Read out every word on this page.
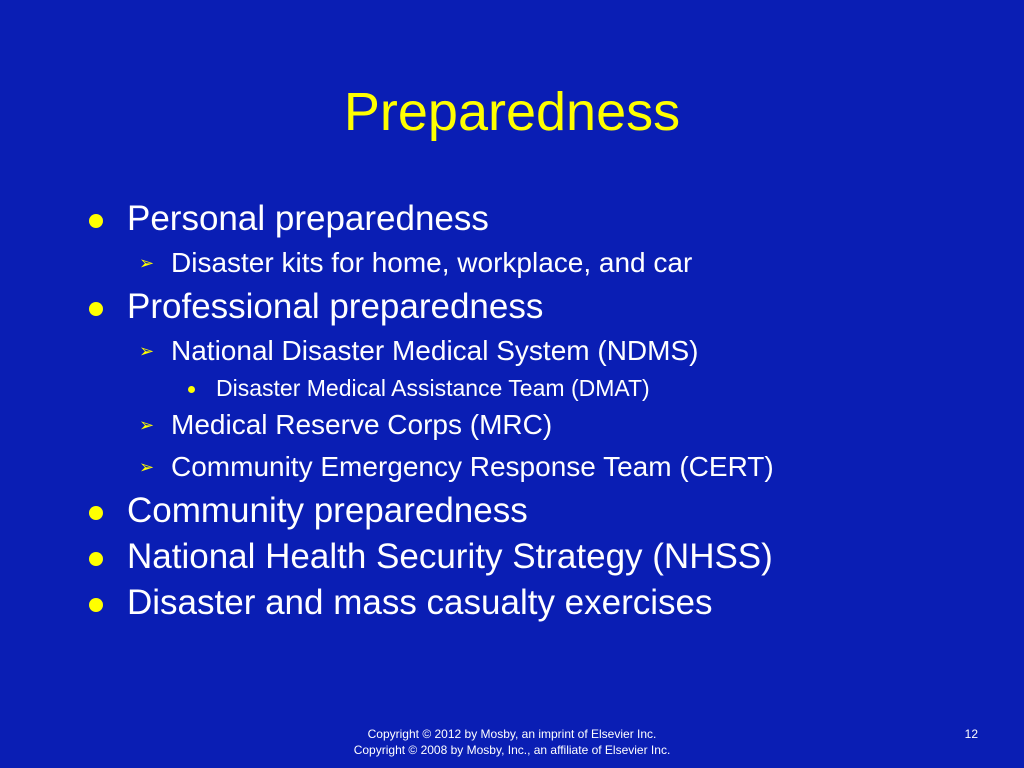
Preparedness
Personal preparedness
➢ Disaster kits for home, workplace, and car
Professional preparedness
➢ National Disaster Medical System (NDMS)
Disaster Medical Assistance Team (DMAT)
➢ Medical Reserve Corps (MRC)
➢ Community Emergency Response Team (CERT)
Community preparedness
National Health Security Strategy (NHSS)
Disaster and mass casualty exercises
Copyright © 2012 by Mosby, an imprint of Elsevier Inc.
Copyright © 2008 by Mosby, Inc., an affiliate of Elsevier Inc.
12
